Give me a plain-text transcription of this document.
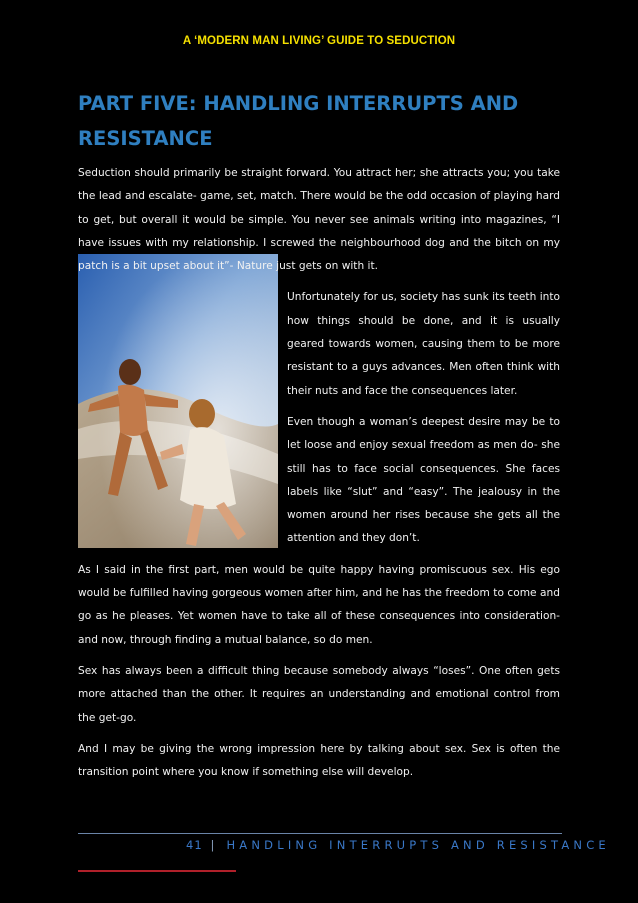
A ‘MODERN MAN LIVING’ GUIDE TO SEDUCTION
PART FIVE: HANDLING INTERRUPTS AND RESISTANCE

Seduction should primarily be straight forward. You attract her; she attracts you; you take the lead and escalate- game, set, match. There would be the odd occasion of playing hard to get, but overall it would be simple. You never see animals writing into magazines, “I have issues with my relationship. I screwed the neighbourhood dog and the bitch on my patch is a bit upset about it”- Nature just gets on with it.

Unfortunately for us, society has sunk its teeth into how things should be done, and it is usually geared towards women, causing them to be more resistant to a guys advances. Men often think with their nuts and face the consequences later.

Even though a woman’s deepest desire may be to let loose and enjoy sexual freedom as men do- she still has to face social consequences. She faces labels like “slut” and “easy”. The jealousy in the women around her rises because she gets all the attention and they don’t.

As I said in the first part, men would be quite happy having promiscuous sex. His ego would be fulfilled having gorgeous women after him, and he has the freedom to come and go as he pleases. Yet women have to take all of these consequences into consideration- and now, through finding a mutual balance, so do men.

Sex has always been a difficult thing because somebody always “loses”. One often gets more attached than the other. It requires an understanding and emotional control from the get-go.

And I may be giving the wrong impression here by talking about sex. Sex is often the transition point where you know if something else will develop.

41 | HANDLING INTERRUPTS AND RESISTANCE
